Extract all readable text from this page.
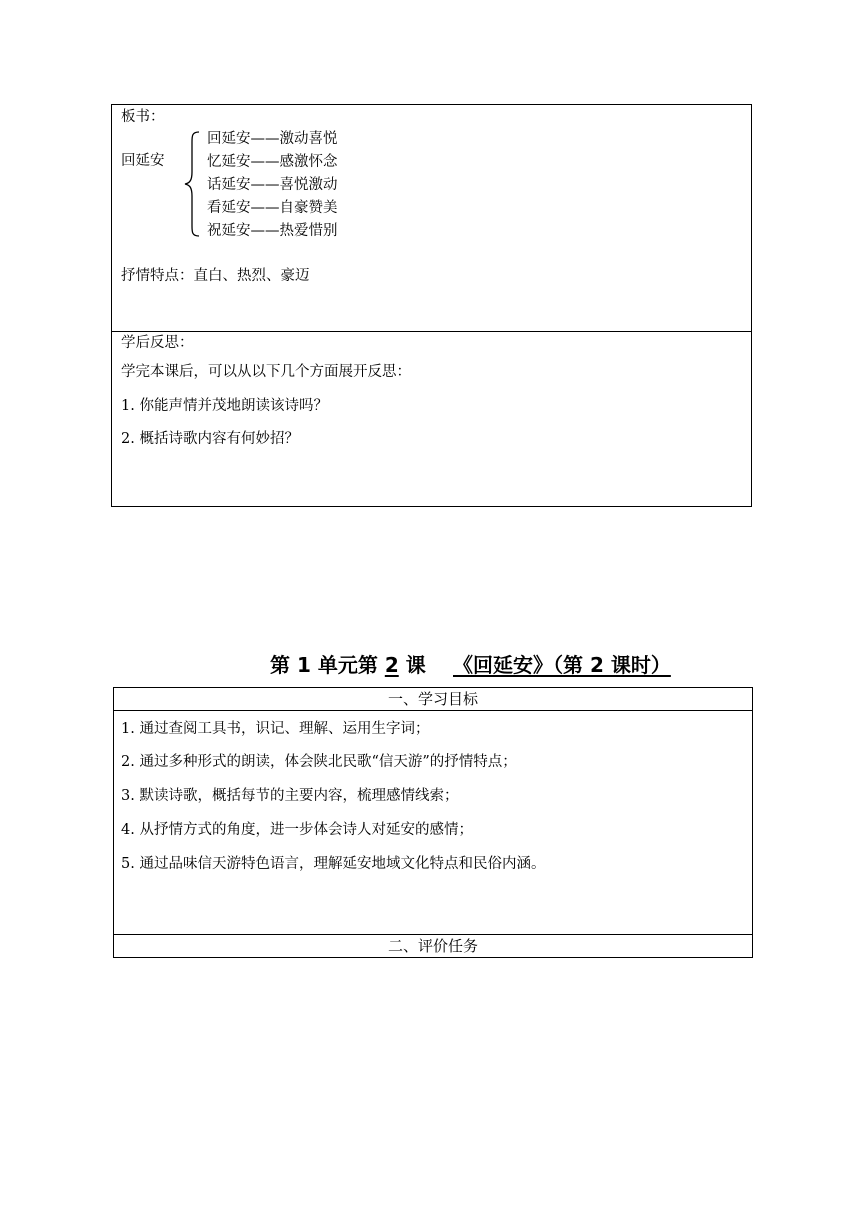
板书：
回延安
回延安——激动喜悦
忆延安——感激怀念
话延安——喜悦激动
看延安——自豪赞美
祝延安——热爱惜别
抒情特点：直白、热烈、豪迈
学后反思：
学完本课后，可以从以下几个方面展开反思：
1. 你能声情并茂地朗读该诗吗？
2. 概括诗歌内容有何妙招？
第 1 单元第 2 课 《回延安》（第 2 课时）
一、学习目标
二、评价任务
1. 通过查阅工具书，识记、理解、运用生字词；
2. 通过多种形式的朗读，体会陕北民歌“信天游”的抒情特点；
3. 默读诗歌，概括每节的主要内容，梳理感情线索；
4. 从抒情方式的角度，进一步体会诗人对延安的感情；
5. 通过品味信天游特色语言，理解延安地域文化特点和民俗内涵。
